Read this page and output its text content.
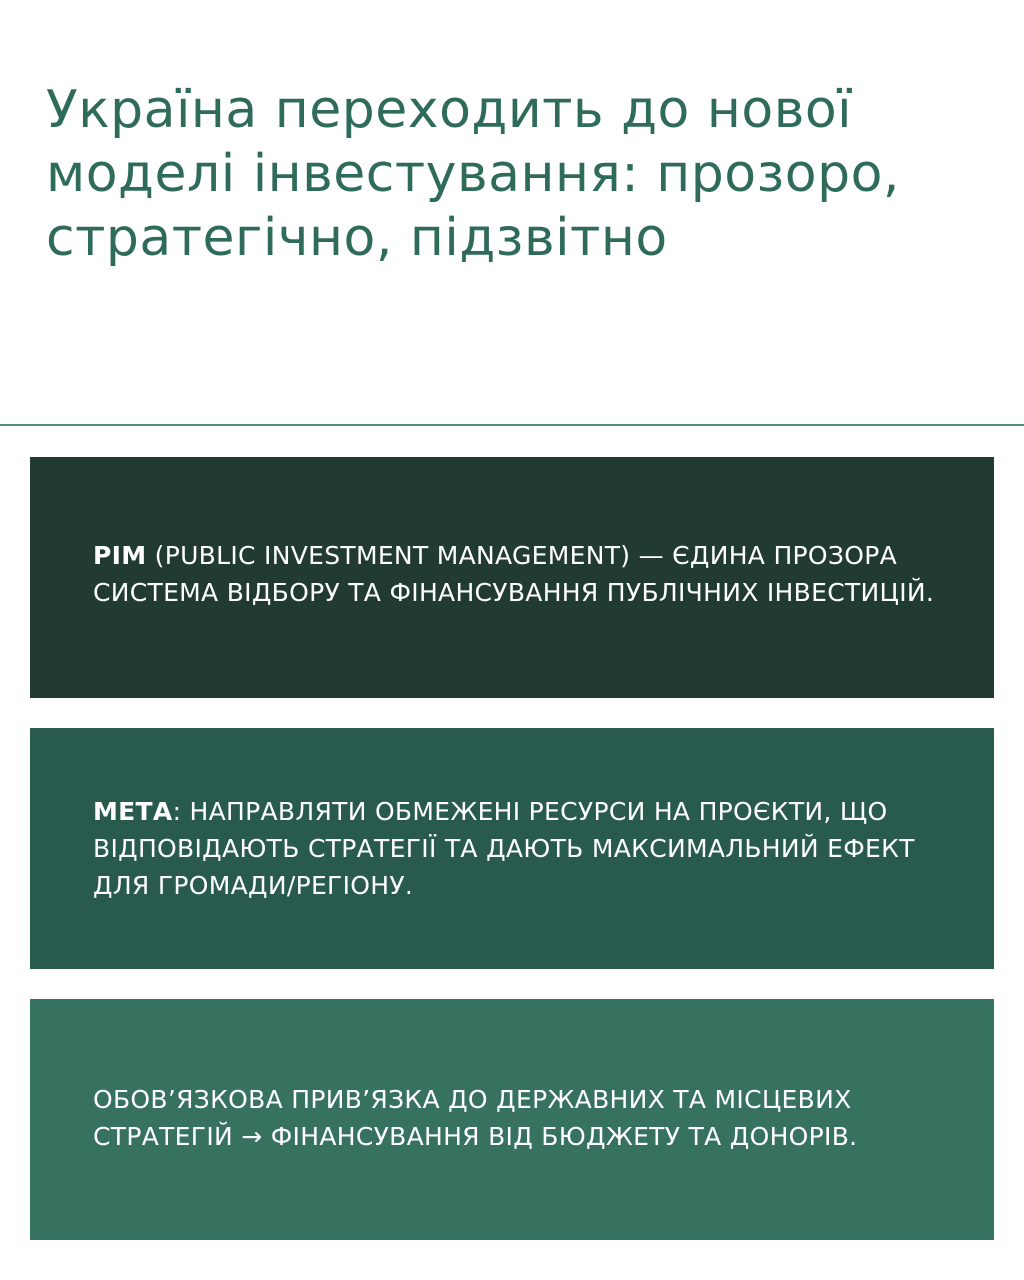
Україна переходить до нової моделі інвестування: прозоро, стратегічно, підзвітно

PIM (PUBLIC INVESTMENT MANAGEMENT) — ЄДИНА ПРОЗОРА СИСТЕМА ВІДБОРУ ТА ФІНАНСУВАННЯ ПУБЛІЧНИХ ІНВЕСТИЦІЙ.

МЕТА: НАПРАВЛЯТИ ОБМЕЖЕНІ РЕСУРСИ НА ПРОЄКТИ, ЩО ВІДПОВІДАЮТЬ СТРАТЕГІЇ ТА ДАЮТЬ МАКСИМАЛЬНИЙ ЕФЕКТ ДЛЯ ГРОМАДИ/РЕГІОНУ.

ОБОВ’ЯЗКОВА ПРИВ’ЯЗКА ДО ДЕРЖАВНИХ ТА МІСЦЕВИХ СТРАТЕГІЙ → ФІНАНСУВАННЯ ВІД БЮДЖЕТУ ТА ДОНОРІВ.
